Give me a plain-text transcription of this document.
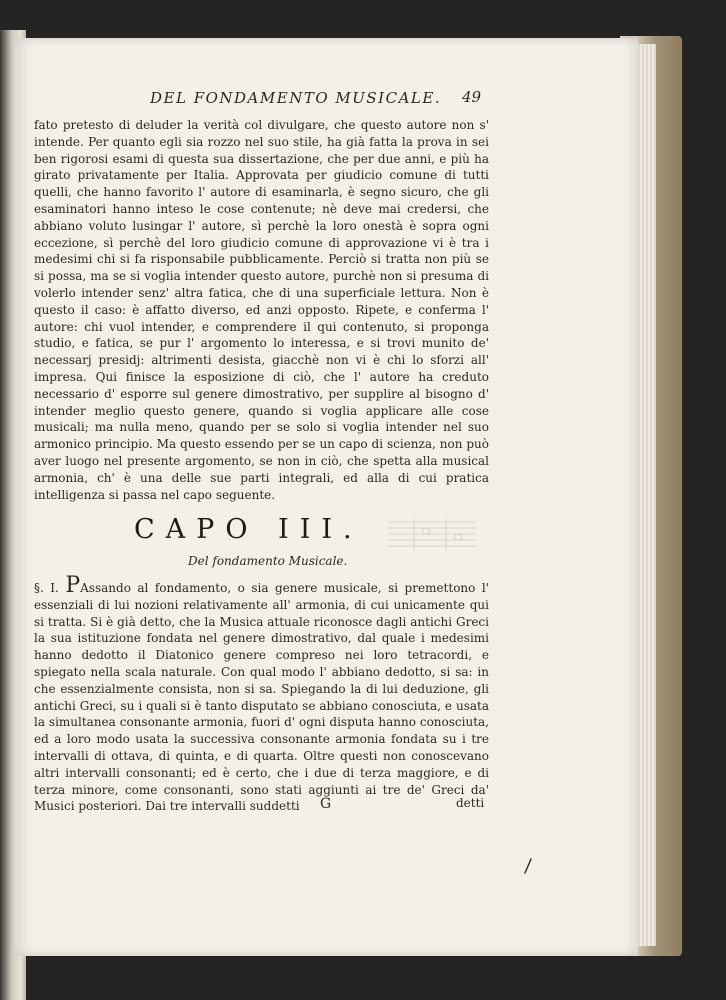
DEL FONDAMENTO MUSICALE. 49

fato pretesto di deluder la verità col divulgare, che questo autore non s' intende. Per quanto egli sia rozzo nel suo stile, ha già fatta la prova in sei ben rigorosi esami di questa sua dissertazione, che per due anni, e più ha girato privatamente per Italia. Approvata per giudicio comune di tutti quelli, che hanno favorito l' autore di esaminarla, è segno sicuro, che gli esaminatori hanno inteso le cose contenute; nè deve mai credersi, che abbiano voluto lusingar l' autore, sì perchè la loro onestà è sopra ogni eccezione, sì perchè del loro giudicio comune di approvazione vi è tra i medesimi chi si fa risponsabile pubblicamente. Perciò si tratta non più se si possa, ma se si voglia intender questo autore, purchè non si presuma di volerlo intender senz' altra fatica, che di una superficiale lettura. Non è questo il caso: è affatto diverso, ed anzi opposto. Ripete, e conferma l' autore: chi vuol intender, e comprendere il qui contenuto, si proponga studio, e fatica, se pur l' argomento lo interessa, e si trovi munito de' necessarj presidj: altrimenti desista, giacchè non vi è chi lo sforzi all' impresa. Qui finisce la esposizione di ciò, che l' autore ha creduto necessario d' esporre sul genere dimostrativo, per supplire al bisogno d' intender meglio questo genere, quando si voglia applicare alle cose musicali; ma nulla meno, quando per se solo si voglia intender nel suo armonico principio. Ma questo essendo per se un capo di scienza, non può aver luogo nel presente argomento, se non in ciò, che spetta alla musical armonia, ch' è una delle sue parti integrali, ed alla di cui pratica intelligenza si passa nel capo seguente.

CAPO III.
Del fondamento Musicale.

§. I. PAssando al fondamento, o sia genere musicale, si premettono l' essenziali di lui nozioni relativamente all' armonia, di cui unicamente qui si tratta. Si è già detto, che la Musica attuale riconosce dagli antichi Greci la sua istituzione fondata nel genere dimostrativo, dal quale i medesimi hanno dedotto il Diatonico genere compreso nei loro tetracordi, e spiegato nella scala naturale. Con qual modo l' abbiano dedotto, si sa: in che essenzialmente consista, non si sa. Spiegando la di lui deduzione, gli antichi Greci, su i quali si è tanto disputato se abbiano conosciuta, e usata la simultanea consonante armonia, fuori d' ogni disputa hanno conosciuta, ed a loro modo usata la successiva consonante armonia fondata su i tre intervalli di ottava, di quinta, e di quarta. Oltre questi non conoscevano altri intervalli consonanti; ed è certo, che i due di terza maggiore, e di terza minore, come consonanti, sono stati aggiunti ai tre de' Greci da' Musici posteriori. Dai tre intervalli suddetti	G	detti
